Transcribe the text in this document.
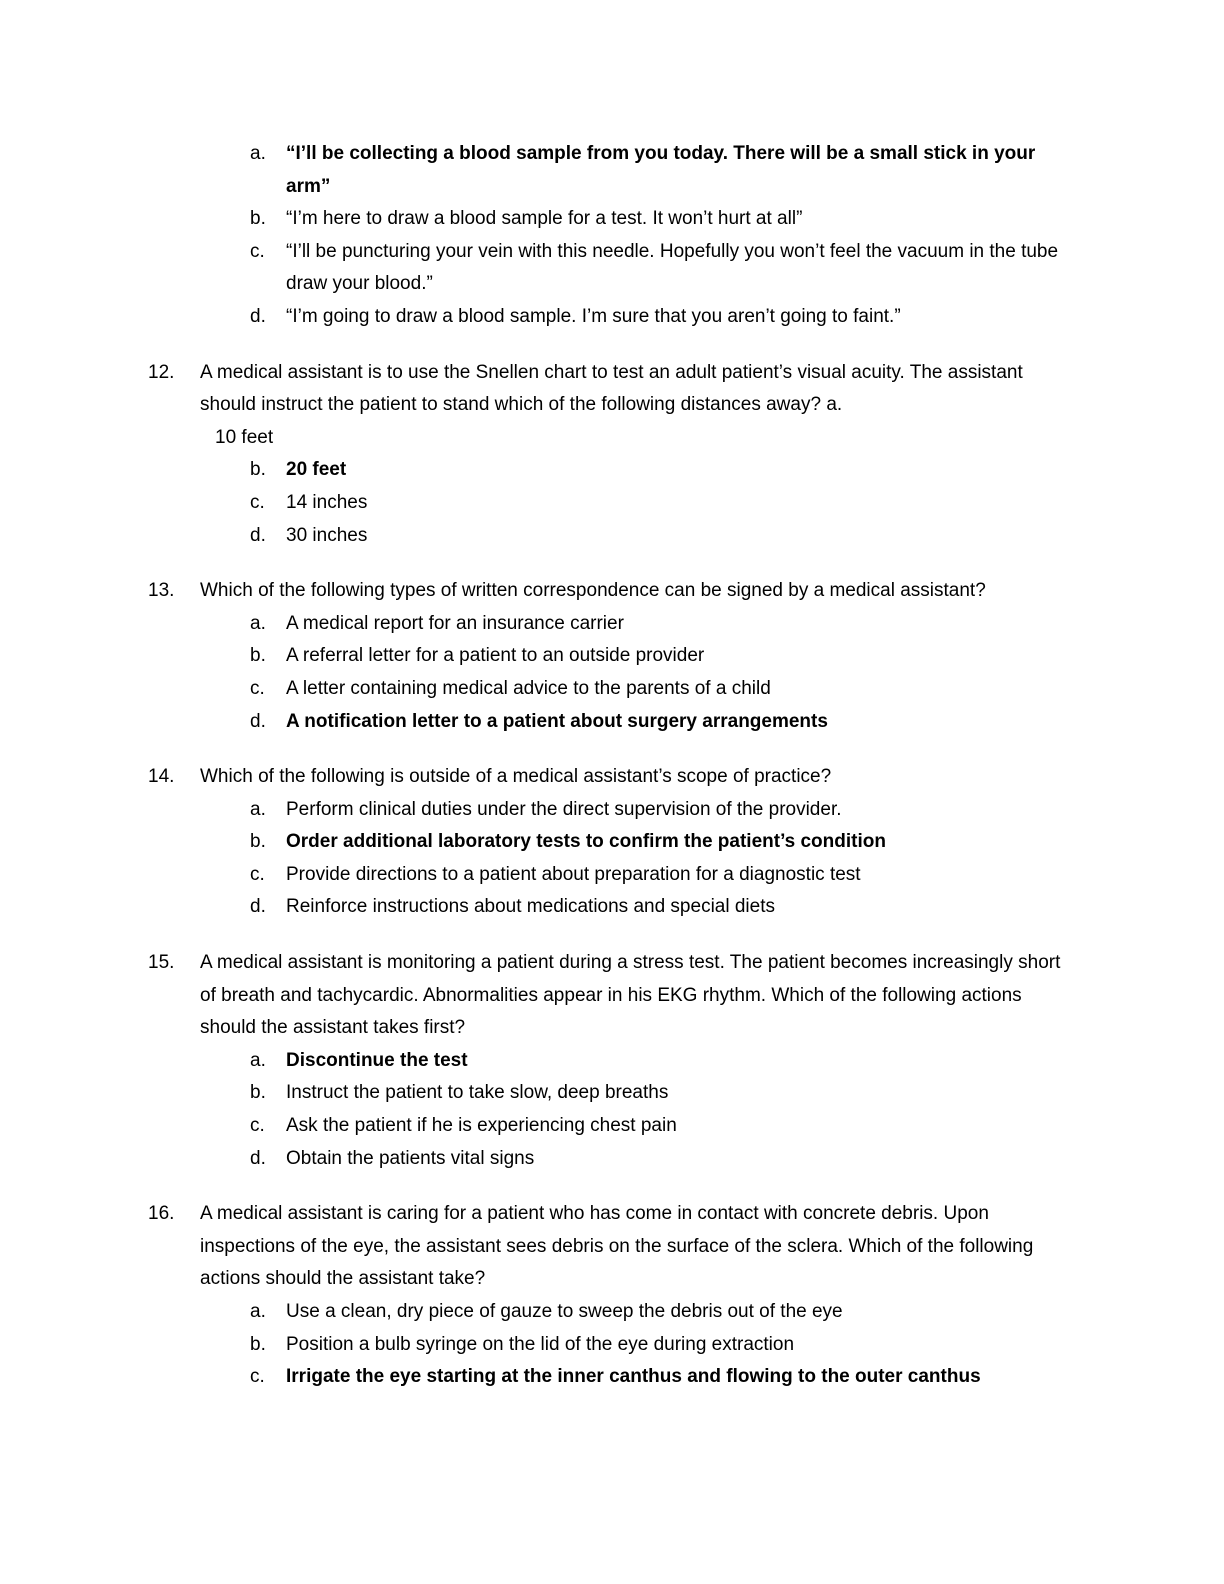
a.	“I’ll be collecting a blood sample from you today. There will be a small stick in your arm”
b.	“I’m here to draw a blood sample for a test. It won’t hurt at all”
c.	“I’ll be puncturing your vein with this needle. Hopefully you won’t feel the vacuum in the tube draw your blood.”
d.	“I’m going to draw a blood sample. I’m sure that you aren’t going to faint.”
12.	A medical assistant is to use the Snellen chart to test an adult patient’s visual acuity. The assistant should instruct the patient to stand which of the following distances away? a.
10 feet
b.	20 feet
c.	14 inches
d.	30 inches
13.	Which of the following types of written correspondence can be signed by a medical assistant?
a.	A medical report for an insurance carrier
b.	A referral letter for a patient to an outside provider
c.	A letter containing medical advice to the parents of a child
d.	A notification letter to a patient about surgery arrangements
14.	Which of the following is outside of a medical assistant’s scope of practice?
a.	Perform clinical duties under the direct supervision of the provider.
b.	Order additional laboratory tests to confirm the patient’s condition
c.	Provide directions to a patient about preparation for a diagnostic test
d.	Reinforce instructions about medications and special diets
15.	A medical assistant is monitoring a patient during a stress test. The patient becomes increasingly short of breath and tachycardic. Abnormalities appear in his EKG rhythm. Which of the following actions should the assistant takes first?
a.	Discontinue the test
b.	Instruct the patient to take slow, deep breaths
c.	Ask the patient if he is experiencing chest pain
d.	Obtain the patients vital signs
16.	A medical assistant is caring for a patient who has come in contact with concrete debris. Upon inspections of the eye, the assistant sees debris on the surface of the sclera. Which of the following actions should the assistant take?
a.	Use a clean, dry piece of gauze to sweep the debris out of the eye
b.	Position a bulb syringe on the lid of the eye during extraction
c.	Irrigate the eye starting at the inner canthus and flowing to the outer canthus
